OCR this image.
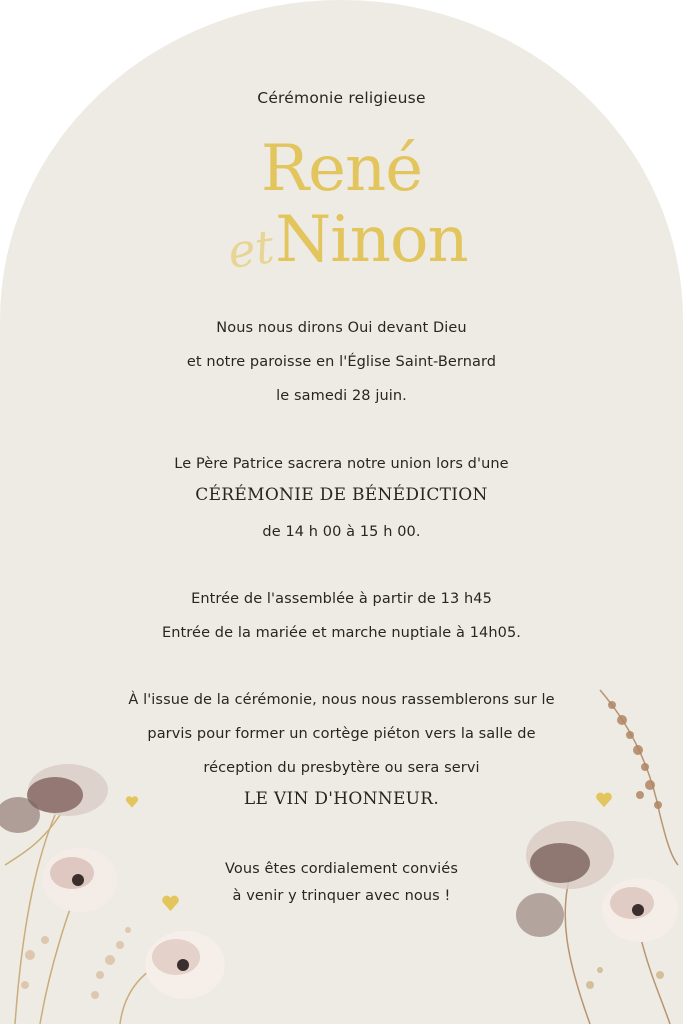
Cérémonie religieuse
René
et
Ninon
Nous nous dirons Oui devant Dieu
et notre paroisse en l'Église Saint-Bernard
le samedi 28 juin.
Le Père Patrice sacrera notre union lors d'une
CÉRÉMONIE DE BÉNÉDICTION
de 14 h 00 à 15 h 00.
Entrée de l'assemblée à partir de 13 h45
Entrée de la mariée et marche nuptiale à 14h05.
À l'issue de la cérémonie, nous nous rassemblerons sur le
parvis pour former un cortège piéton vers la salle de
réception du presbytère ou sera servi
LE VIN D'HONNEUR.
Vous êtes cordialement conviés
à venir y trinquer avec nous !
